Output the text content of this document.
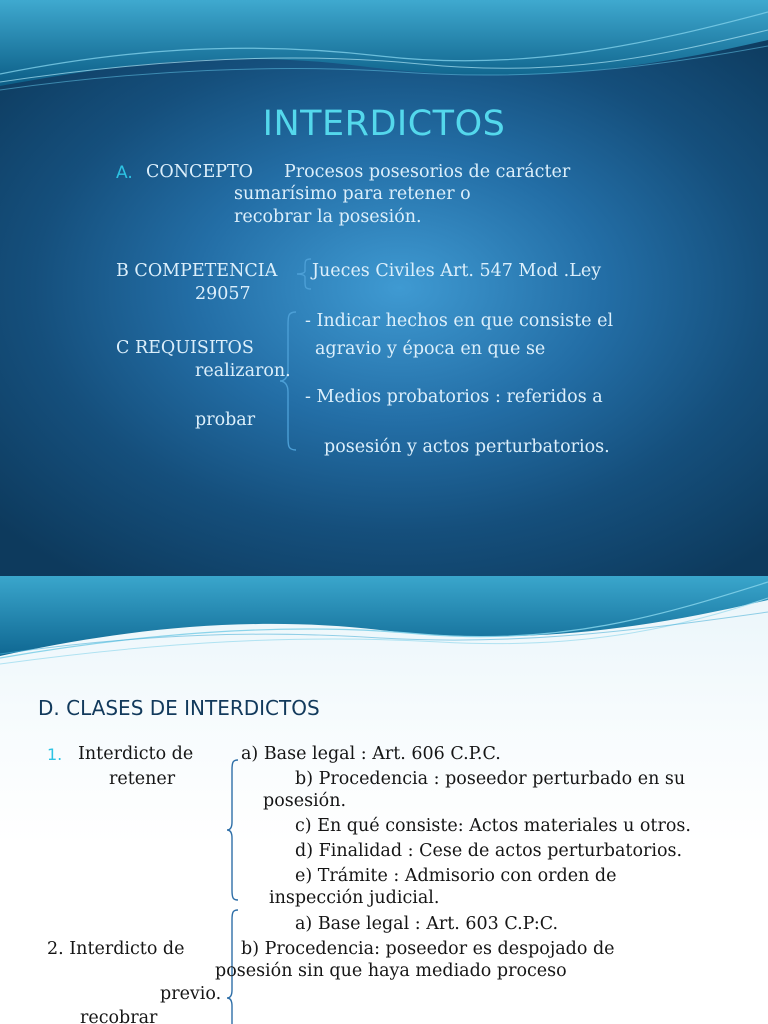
INTERDICTOS
A. CONCEPTO Procesos posesorios de carácter
sumarísimo para retener o
recobrar la posesión.
B COMPETENCIA Jueces Civiles Art. 547 Mod .Ley
29057
- Indicar hechos en que consiste el
C REQUISITOS	agravio y época en que se
realizaron.
- Medios probatorios : referidos a
probar
posesión y actos perturbatorios.
D. CLASES DE INTERDICTOS
1. Interdicto de
retener
a) Base legal : Art. 606 C.P.C.
b) Procedencia : poseedor perturbado en su
posesión.
c) En qué consiste: Actos materiales u otros.
d) Finalidad : Cese de actos perturbatorios.
e) Trámite : Admisorio con orden de
inspección judicial.
a) Base legal : Art. 603 C.P:C.
2. Interdicto de	b) Procedencia: poseedor es despojado de
posesión sin que haya mediado proceso
previo.
recobrar
